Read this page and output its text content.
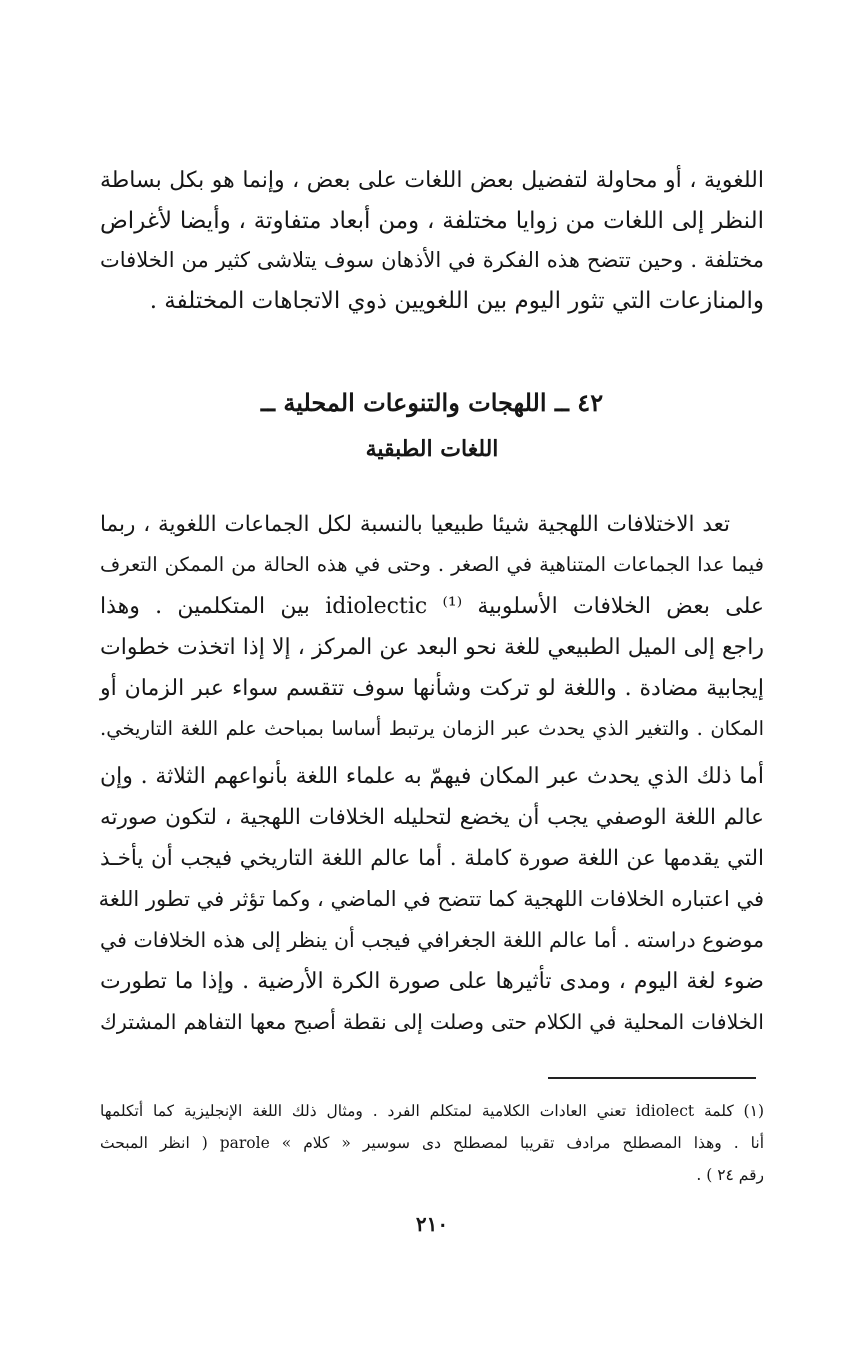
اللغوية ، أو محاولة لتفضيل بعض اللغات على بعض ، وإنما هو بكل بساطة
النظر إلى اللغات من زوايا مختلفة ، ومن أبعاد متفاوتة ، وأيضا لأغراض
مختلفة . وحين تتضح هذه الفكرة في الأذهان سوف يتلاشى كثير من الخلافات
والمنازعات التي تثور اليوم بين اللغويين ذوي الاتجاهات المختلفة .
٤٢ ــ اللهجات والتنوعات المحلية ــ
اللغات الطبقية
تعد الاختلافات اللهجية شيئا طبيعيا بالنسبة لكل الجماعات اللغوية ، ربما
فيما عدا الجماعات المتناهية في الصغر . وحتى في هذه الحالة من الممكن التعرف
على بعض الخلافات الأسلوبية ⁽¹⁾ idiolectic بين المتكلمين . وهذا
راجع إلى الميل الطبيعي للغة نحو البعد عن المركز ، إلا إذا اتخذت خطوات
إيجابية مضادة . واللغة لو تركت وشأنها سوف تتقسم سواء عبر الزمان أو
المكان . والتغير الذي يحدث عبر الزمان يرتبط أساسا بمباحث علم اللغة التاريخي.
أما ذلك الذي يحدث عبر المكان فيهمّ به علماء اللغة بأنواعهم الثلاثة . وإن
عالم اللغة الوصفي يجب أن يخضع لتحليله الخلافات اللهجية ، لتكون صورته
التي يقدمها عن اللغة صورة كاملة . أما عالم اللغة التاريخي فيجب أن يأخـذ
في اعتباره الخلافات اللهجية كما تتضح في الماضي ، وكما تؤثر في تطور اللغة
موضوع دراسته . أما عالم اللغة الجغرافي فيجب أن ينظر إلى هذه الخلافات في
ضوء لغة اليوم ، ومدى تأثيرها على صورة الكرة الأرضية . وإذا ما تطورت
الخلافات المحلية في الكلام حتى وصلت إلى نقطة أصبح معها التفاهم المشترك
(١) كلمة idiolect تعني العادات الكلامية لمتكلم الفرد . ومثال ذلك اللغة الإنجليزية كما أتكلمها
أنا . وهذا المصطلح مرادف تقريبا لمصطلح دى سوسير « كلام » parole ( انظر المبحث
رقم ٢٤ ) .
٢١٠
